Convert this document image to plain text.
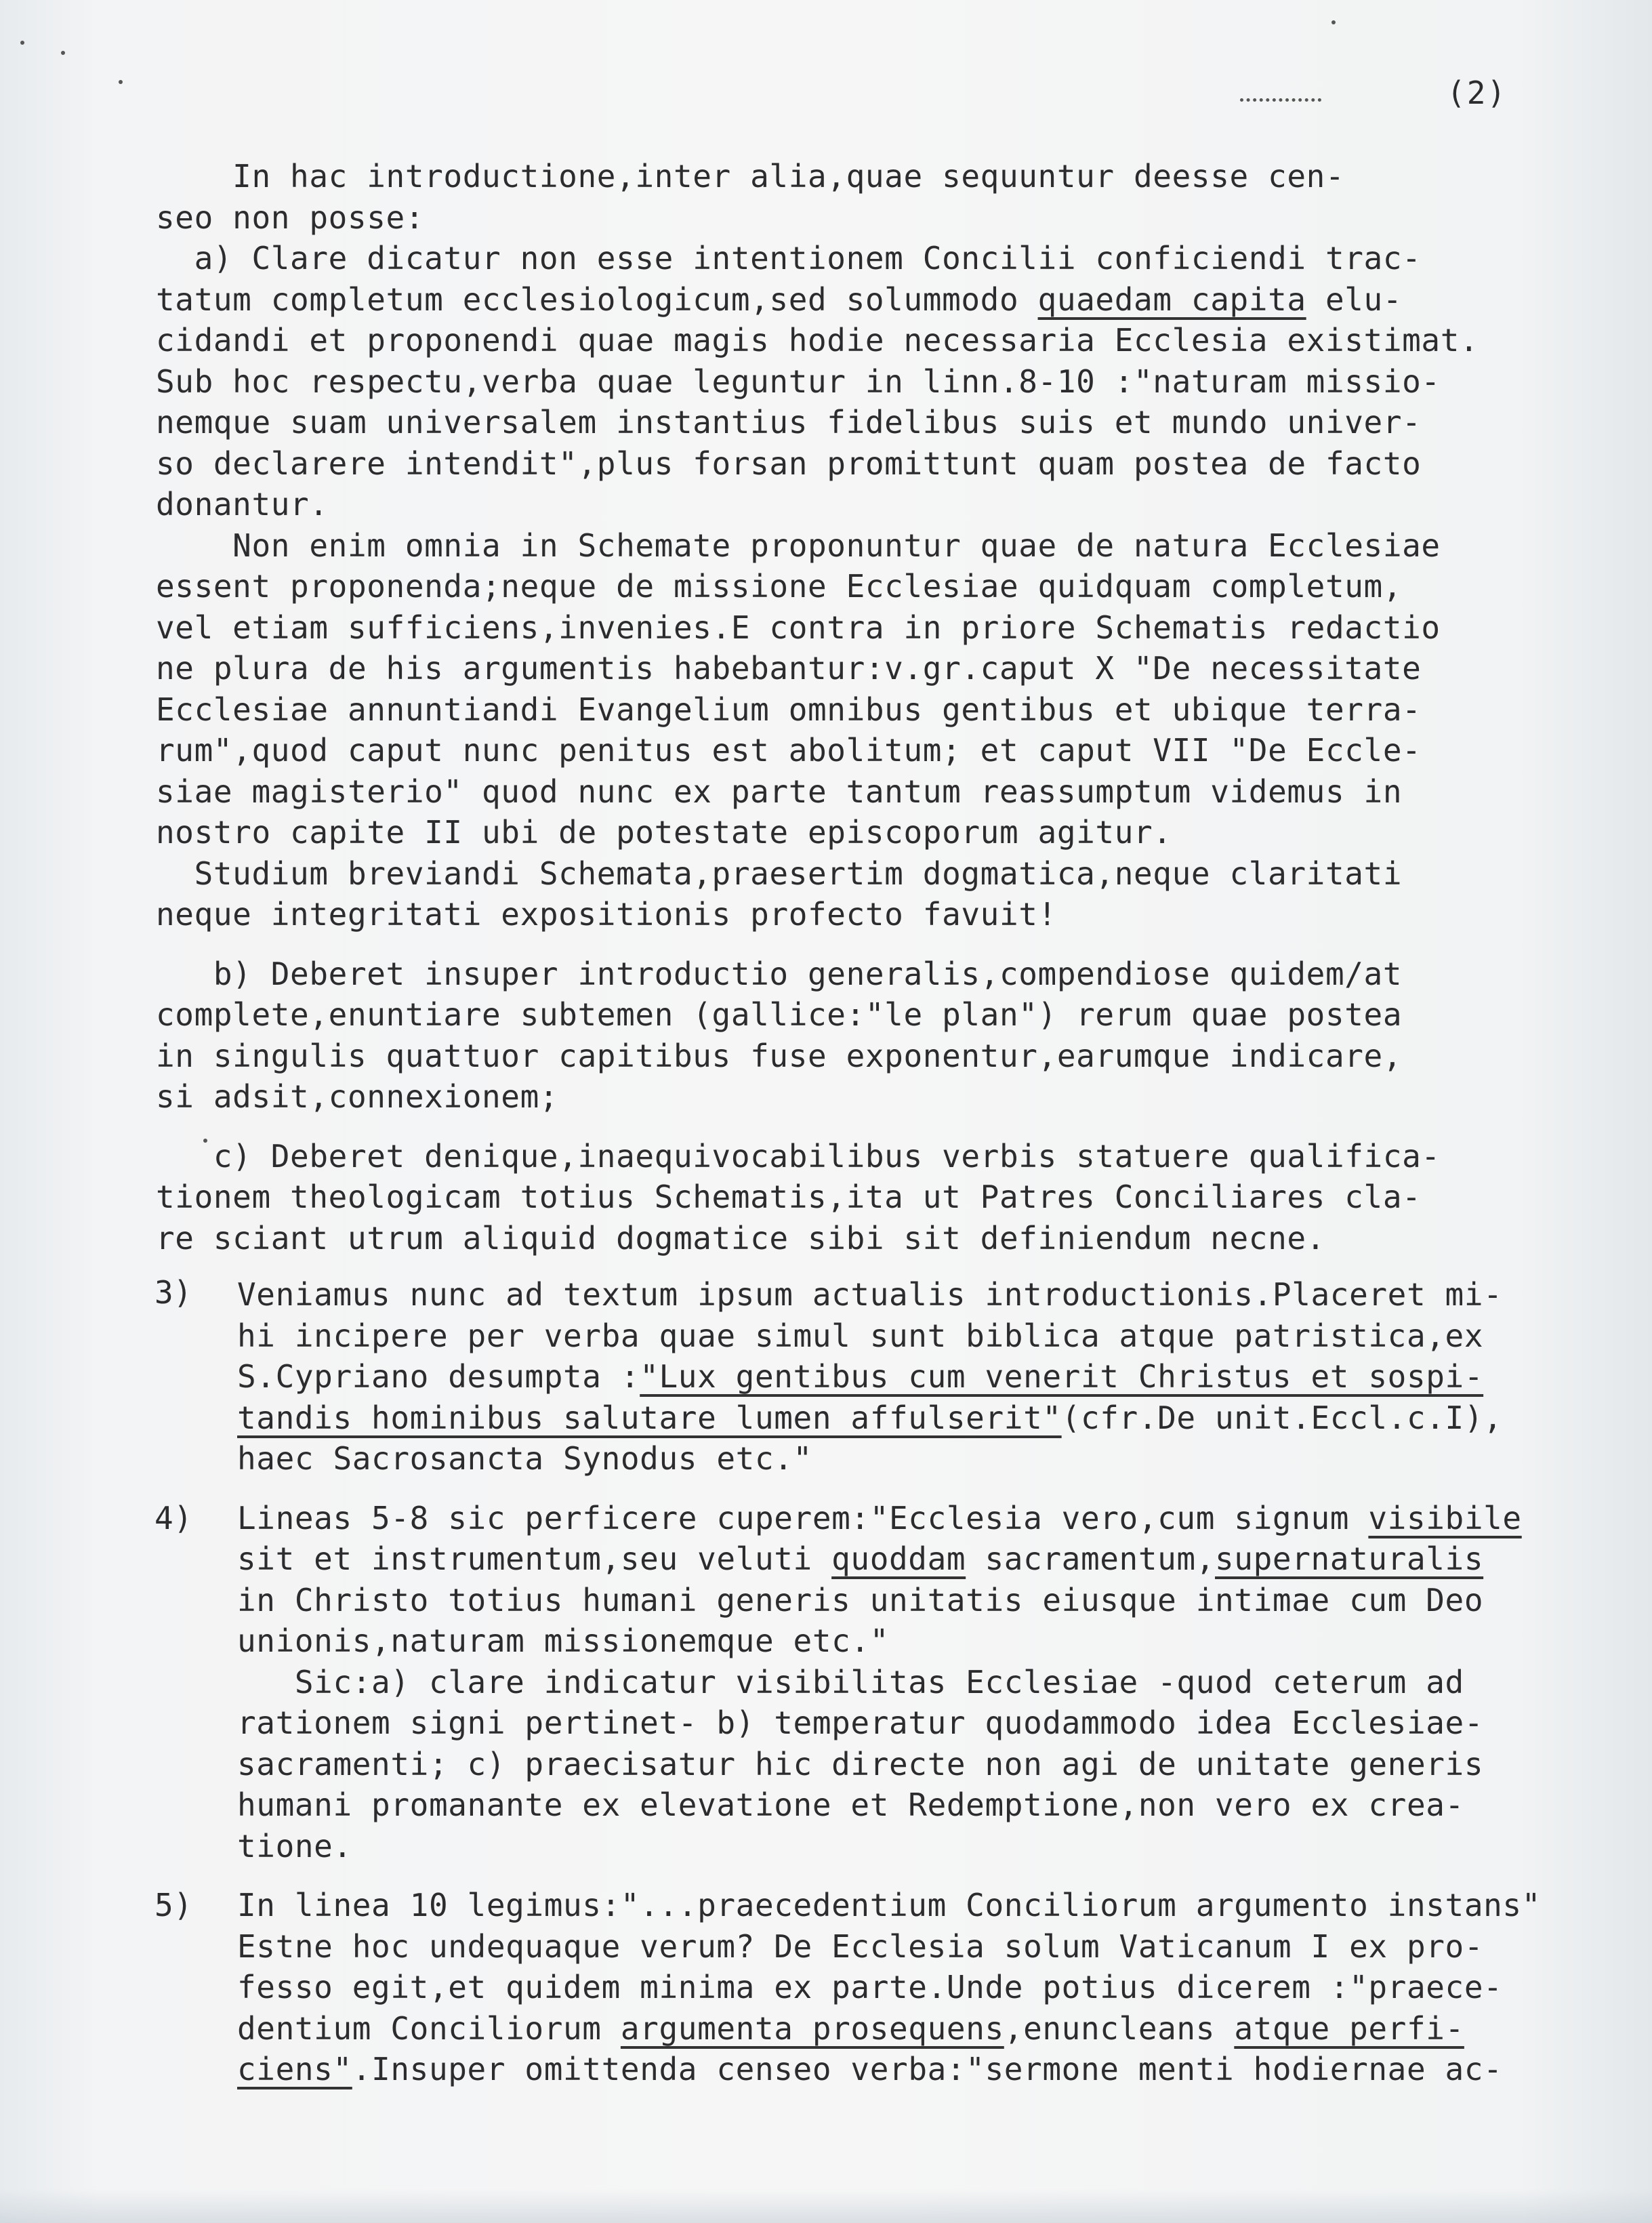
(2)
In hac introductione,inter alia,quae sequuntur deesse cen-
seo non posse:
a) Clare dicatur non esse intentionem Concilii conficiendi trac-
tatum completum ecclesiologicum,sed solummodo quaedam capita elu-
cidandi et proponendi quae magis hodie necessaria Ecclesia existimat.
Sub hoc respectu,verba quae leguntur in linn.8-10 :"naturam missio-
nemque suam universalem instantius fidelibus suis et mundo univer-
so declarere intendit",plus forsan promittunt quam postea de facto
donantur.
Non enim omnia in Schemate proponuntur quae de natura Ecclesiae
essent proponenda;neque de missione Ecclesiae quidquam completum,
vel etiam sufficiens,invenies.E contra in priore Schematis redactio
ne plura de his argumentis habebantur:v.gr.caput X "De necessitate
Ecclesiae annuntiandi Evangelium omnibus gentibus et ubique terra-
rum",quod caput nunc penitus est abolitum; et caput VII "De Eccle-
siae magisterio" quod nunc ex parte tantum reassumptum videmus in
nostro capite II ubi de potestate episcoporum agitur.
Studium breviandi Schemata,praesertim dogmatica,neque claritati
neque integritati expositionis profecto favuit!
b) Deberet insuper introductio generalis,compendiose quidem/at
complete,enuntiare subtemen (gallice:"le plan") rerum quae postea
in singulis quattuor capitibus fuse exponentur,earumque indicare,
si adsit,connexionem;
c) Deberet denique,inaequivocabilibus verbis statuere qualifica-
tionem theologicam totius Schematis,ita ut Patres Conciliares cla-
re sciant utrum aliquid dogmatice sibi sit definiendum necne.
3) Veniamus nunc ad textum ipsum actualis introductionis.Placeret mi-
hi incipere per verba quae simul sunt biblica atque patristica,ex
S.Cypriano desumpta :"Lux gentibus cum venerit Christus et sospi-
tandis hominibus salutare lumen affulserit"(cfr.De unit.Eccl.c.I),
haec Sacrosancta Synodus etc."
4) Lineas 5-8 sic perficere cuperem:"Ecclesia vero,cum signum visibile
sit et instrumentum,seu veluti quoddam sacramentum,supernaturalis
in Christo totius humani generis unitatis eiusque intimae cum Deo
unionis,naturam missionemque etc."
Sic:a) clare indicatur visibilitas Ecclesiae -quod ceterum ad
rationem signi pertinet- b) temperatur quodammodo idea Ecclesiae-
sacramenti; c) praecisatur hic directe non agi de unitate generis
humani promanante ex elevatione et Redemptione,non vero ex crea-
tione.
5) In linea 10 legimus:"...praecedentium Conciliorum argumento instans"
Estne hoc undequaque verum? De Ecclesia solum Vaticanum I ex pro-
fesso egit,et quidem minima ex parte.Unde potius dicerem :"praece-
dentium Conciliorum argumenta prosequens,enuncleans atque perfi-
ciens".Insuper omittenda censeo verba:"sermone menti hodiernae ac-
